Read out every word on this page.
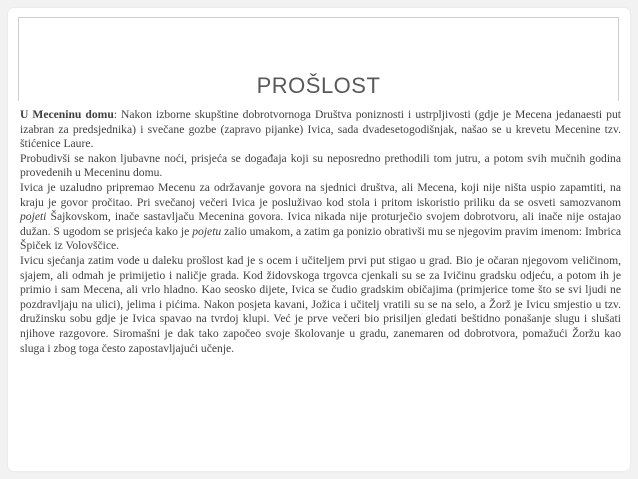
PROŠLOST

U Meceninu domu: Nakon izborne skupštine dobrotvornoga Društva poniznosti i ustrpljivosti (gdje je Mecena jedanaesti put izabran za predsjednika) i svečane gozbe (zapravo pijanke) Ivica, sada dvadesetogodišnjak, našao se u krevetu Mecenine tzv. štićenice Laure.

Probudivši se nakon ljubavne noći, prisjeća se događaja koji su neposredno prethodili tom jutru, a potom svih mučnih godina provedenih u Meceninu domu.

Ivica je uzaludno pripremao Mecenu za održavanje govora na sjednici društva, ali Mecena, koji nije ništa uspio zapamtiti, na kraju je govor pročitao. Pri svečanoj večeri Ivica je posluživao kod stola i pritom iskoristio priliku da se osveti samozvanom pojeti Šajkovskom, inače sastavljaču Mecenina govora. Ivica nikada nije proturječio svojem dobrotvoru, ali inače nije ostajao dužan. S ugodom se prisjeća kako je pojetu zalio umakom, a zatim ga ponizio obrativši mu se njegovim pravim imenom: Imbrica Špiček iz Volovščice.

Ivicu sjećanja zatim vode u daleku prošlost kad je s ocem i učiteljem prvi put stigao u grad. Bio je očaran njegovom veličinom, sjajem, ali odmah je primijetio i naličje grada. Kod židovskoga trgovca cjenkali su se za Ivičinu gradsku odjeću, a potom ih je primio i sam Mecena, ali vrlo hladno. Kao seosko dijete, Ivica se čudio gradskim običajima (primjerice tome što se svi ljudi ne pozdravljaju na ulici), jelima i pićima. Nakon posjeta kavani, Jožica i učitelj vratili su se na selo, a Žorž je Ivicu smjestio u tzv. družinsku sobu gdje je Ivica spavao na tvrdoj klupi. Već je prve večeri bio prisiljen gledati beštidno ponašanje slugu i slušati njihove razgovore. Siromašni je dak tako započeo svoje školovanje u gradu, zanemaren od dobrotvora, pomažući Žoržu kao sluga i zbog toga često zapostavljajući učenje.
